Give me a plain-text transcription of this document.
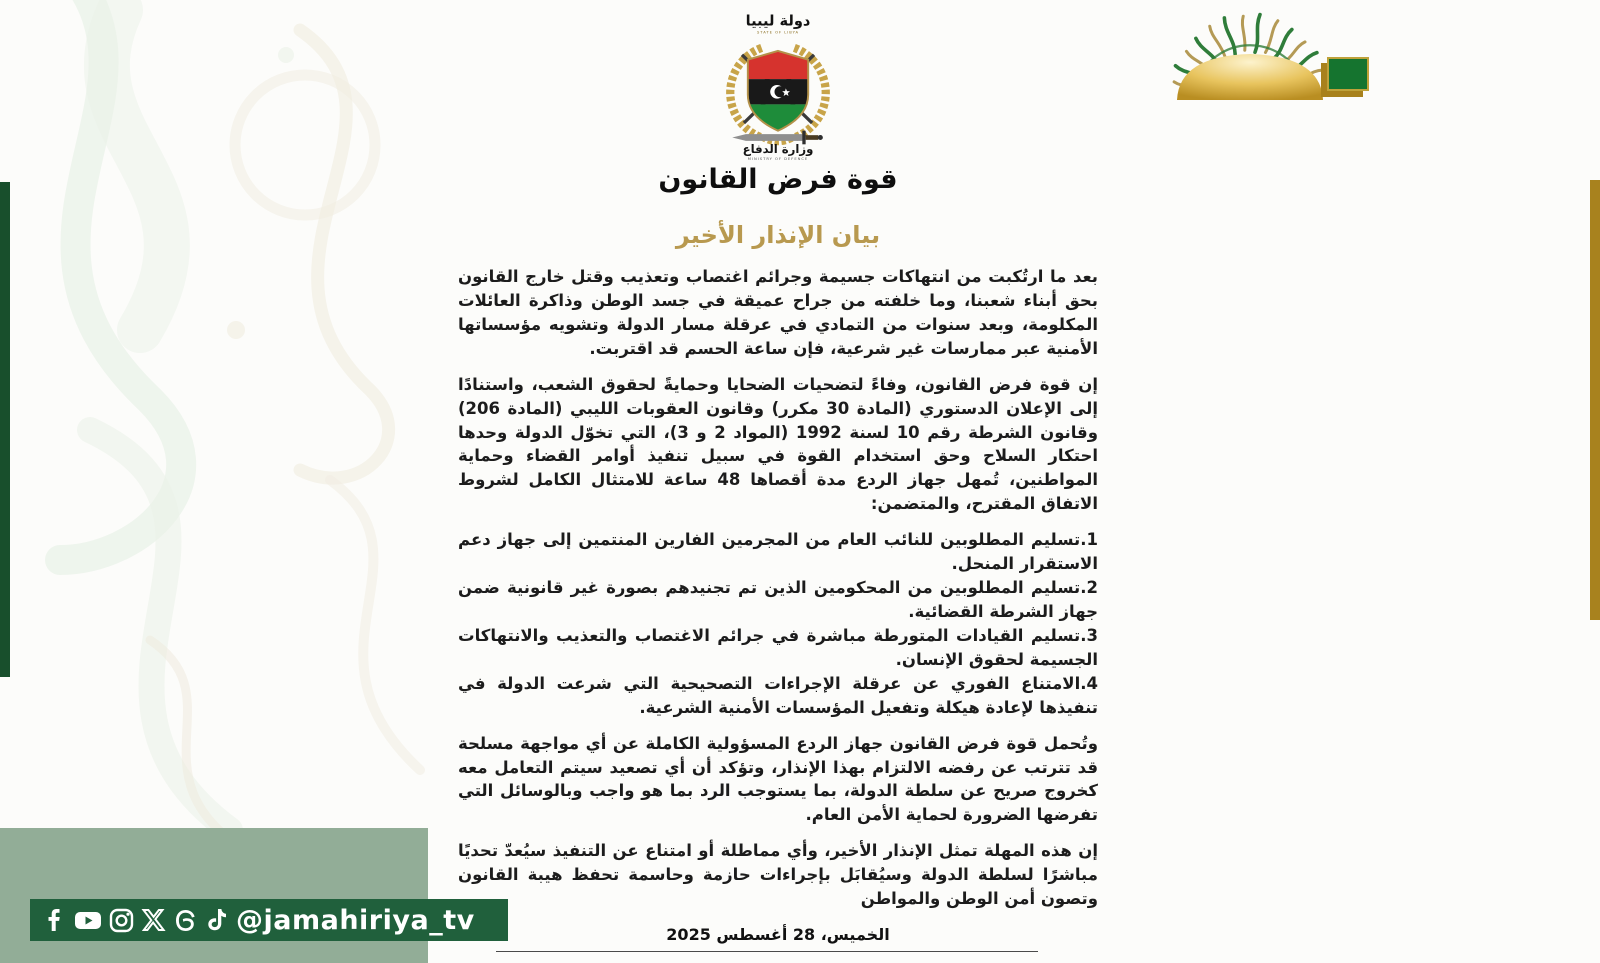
دولة ليبيا
STATE OF LIBYA
وزارة الدفاع
MINISTRY OF DEFENCE
قوة فرض القانون
بيان الإنذار الأخير

بعد ما ارتُكبت من انتهاكات جسيمة وجرائم اغتصاب وتعذيب وقتل خارج القانون بحق أبناء شعبنا، وما خلفته من جراح عميقة في جسد الوطن وذاكرة العائلات المكلومة، وبعد سنوات من التمادي في عرقلة مسار الدولة وتشويه مؤسساتها الأمنية عبر ممارسات غير شرعية، فإن ساعة الحسم قد اقتربت.

إن قوة فرض القانون، وفاءً لتضحيات الضحايا وحمايةً لحقوق الشعب، واستنادًا إلى الإعلان الدستوري (المادة 30 مكرر) وقانون العقوبات الليبي (المادة 206) وقانون الشرطة رقم 10 لسنة 1992 (المواد 2 و 3)، التي تخوّل الدولة وحدها احتكار السلاح وحق استخدام القوة في سبيل تنفيذ أوامر القضاء وحماية المواطنين، تُمهل جهاز الردع مدة أقصاها 48 ساعة للامتثال الكامل لشروط الاتفاق المقترح، والمتضمن:

1.تسليم المطلوبين للنائب العام من المجرمين الفارين المنتمين إلى جهاز دعم الاستقرار المنحل.

2.تسليم المطلوبين من المحكومين الذين تم تجنيدهم بصورة غير قانونية ضمن جهاز الشرطة القضائية.

3.تسليم القيادات المتورطة مباشرة في جرائم الاغتصاب والتعذيب والانتهاكات الجسيمة لحقوق الإنسان.

4.الامتناع الفوري عن عرقلة الإجراءات التصحيحية التي شرعت الدولة في تنفيذها لإعادة هيكلة وتفعيل المؤسسات الأمنية الشرعية.

وتُحمل قوة فرض القانون جهاز الردع المسؤولية الكاملة عن أي مواجهة مسلحة قد تترتب عن رفضه الالتزام بهذا الإنذار، وتؤكد أن أي تصعيد سيتم التعامل معه كخروج صريح عن سلطة الدولة، بما يستوجب الرد بما هو واجب وبالوسائل التي تفرضها الضرورة لحماية الأمن العام.

إن هذه المهلة تمثل الإنذار الأخير، وأي مماطلة أو امتناع عن التنفيذ سيُعدّ تحديًا مباشرًا لسلطة الدولة وسيُقابَل بإجراءات حازمة وحاسمة تحفظ هيبة القانون وتصون أمن الوطن والمواطن

الخميس، 28 أغسطس 2025
@jamahiriya_tv
